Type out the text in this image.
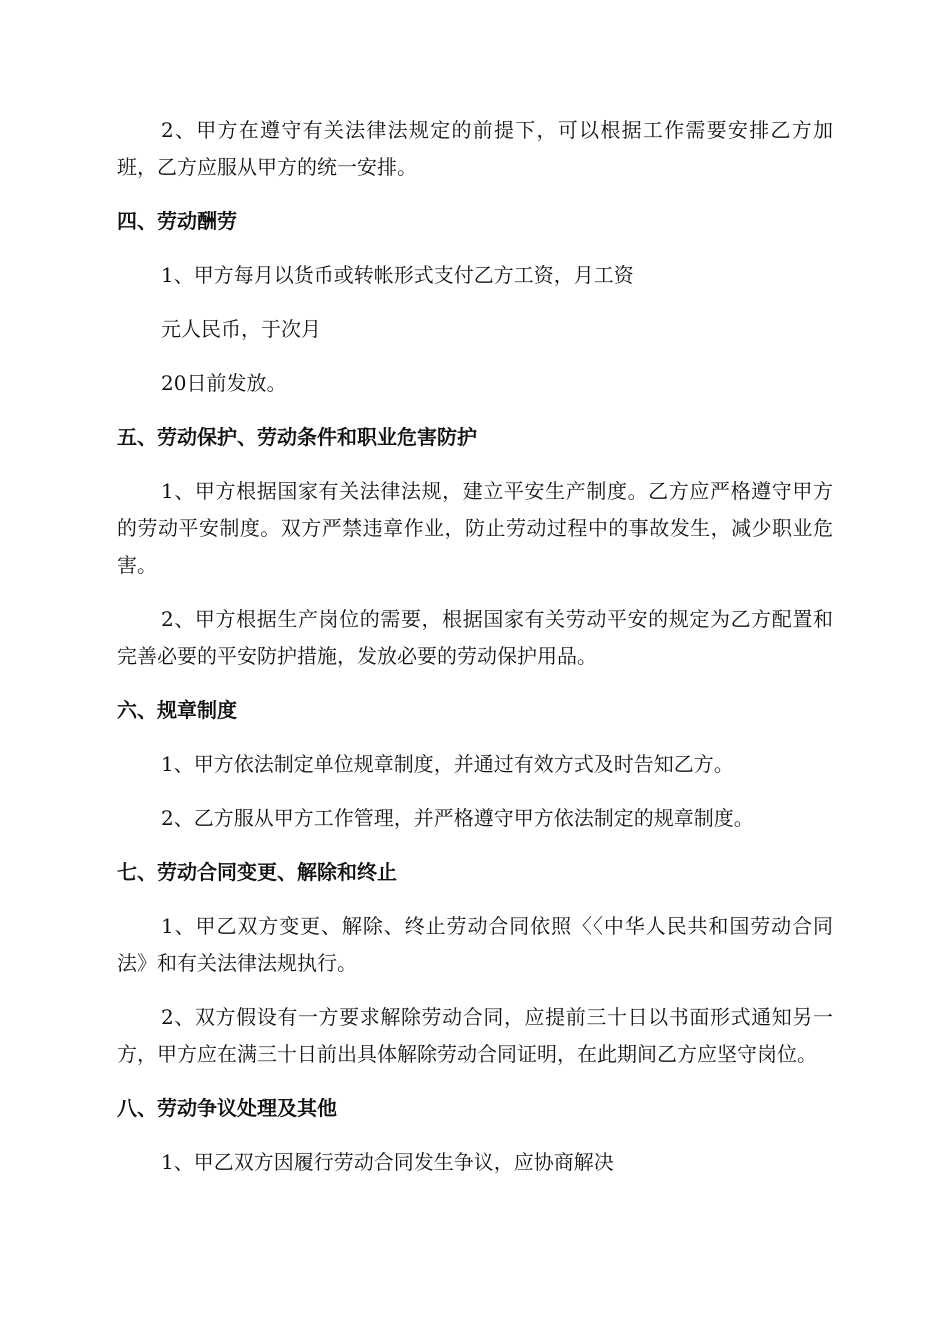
2、甲方在遵守有关法律法规定的前提下，可以根据工作需要安排乙方加班，乙方应服从甲方的统一安排。

四、劳动酬劳

1、甲方每月以货币或转帐形式支付乙方工资，月工资

元人民币，于次月

20日前发放。

五、劳动保护、劳动条件和职业危害防护

1、甲方根据国家有关法律法规，建立平安生产制度。乙方应严格遵守甲方的劳动平安制度。双方严禁违章作业，防止劳动过程中的事故发生，减少职业危害。

2、甲方根据生产岗位的需要，根据国家有关劳动平安的规定为乙方配置和完善必要的平安防护措施，发放必要的劳动保护用品。

六、规章制度

1、甲方依法制定单位规章制度，并通过有效方式及时告知乙方。

2、乙方服从甲方工作管理，并严格遵守甲方依法制定的规章制度。

七、劳动合同变更、解除和终止

1、甲乙双方变更、解除、终止劳动合同依照〈〈中华人民共和国劳动合同法》和有关法律法规执行。

2、双方假设有一方要求解除劳动合同，应提前三十日以书面形式通知另一方，甲方应在满三十日前出具体解除劳动合同证明，在此期间乙方应坚守岗位。

八、劳动争议处理及其他

1、甲乙双方因履行劳动合同发生争议，应协商解决
